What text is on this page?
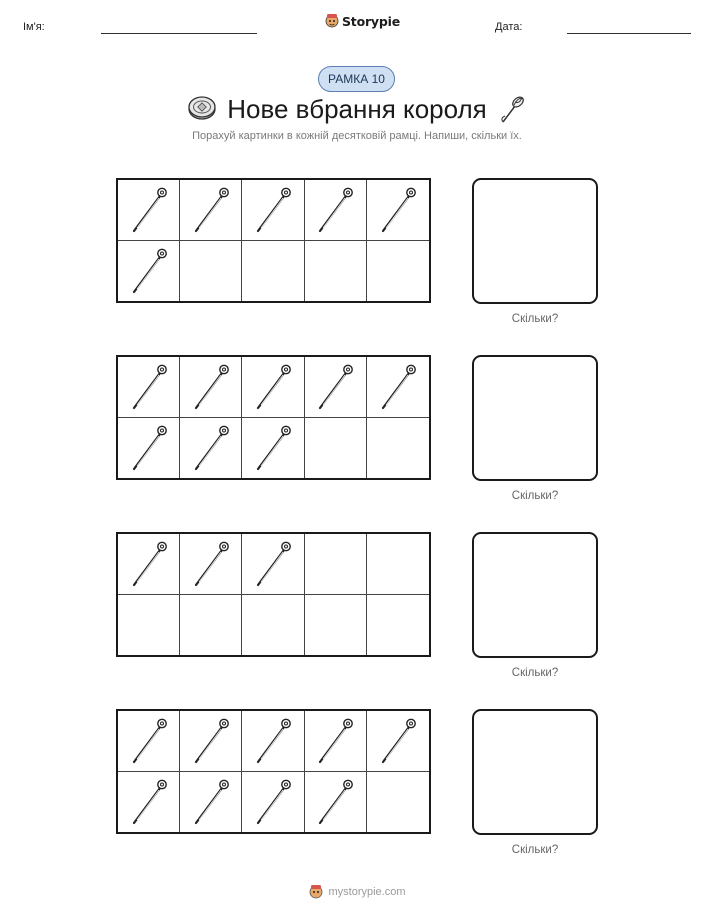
Ім'я:	Storypie	Дата:
РАМКА 10
Нове вбрання короля
Порахуй картинки в кожній десятковій рамці. Напиши, скільки їх.
Скільки?
Скільки?
Скільки?
Скільки?
mystorypie.com
